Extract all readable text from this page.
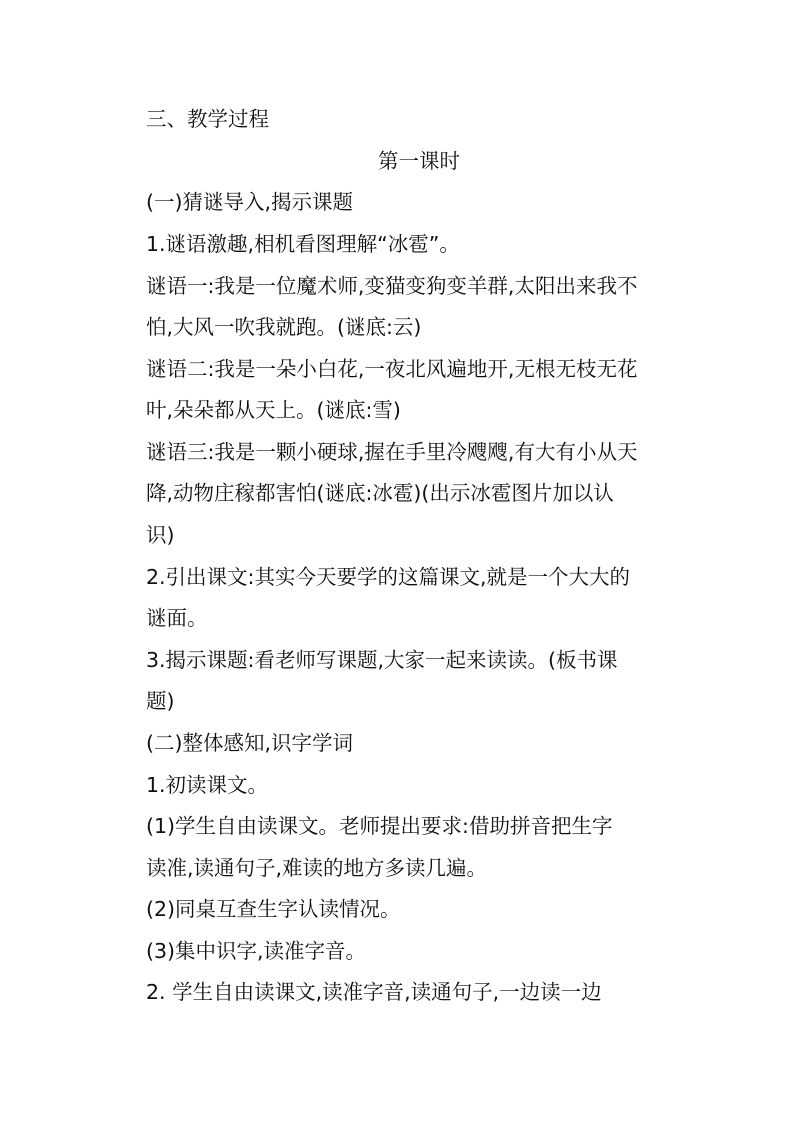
三、教学过程
第一课时
(一)猜谜导入,揭示课题
1.谜语激趣,相机看图理解“冰雹”。
谜语一:我是一位魔术师,变猫变狗变羊群,太阳出来我不
怕,大风一吹我就跑。(谜底:云)
谜语二:我是一朵小白花,一夜北风遍地开,无根无枝无花
叶,朵朵都从天上。(谜底:雪)
谜语三:我是一颗小硬球,握在手里冷飕飕,有大有小从天
降,动物庄稼都害怕(谜底:冰雹)(出示冰雹图片加以认
识)
2.引出课文:其实今天要学的这篇课文,就是一个大大的
谜面。
3.揭示课题:看老师写课题,大家一起来读读。(板书课
题)
(二)整体感知,识字学词
1.初读课文。
(1)学生自由读课文。老师提出要求:借助拼音把生字
读准,读通句子,难读的地方多读几遍。
(2)同桌互查生字认读情况。
(3)集中识字,读准字音。
2. 学生自由读课文,读准字音,读通句子,一边读一边
